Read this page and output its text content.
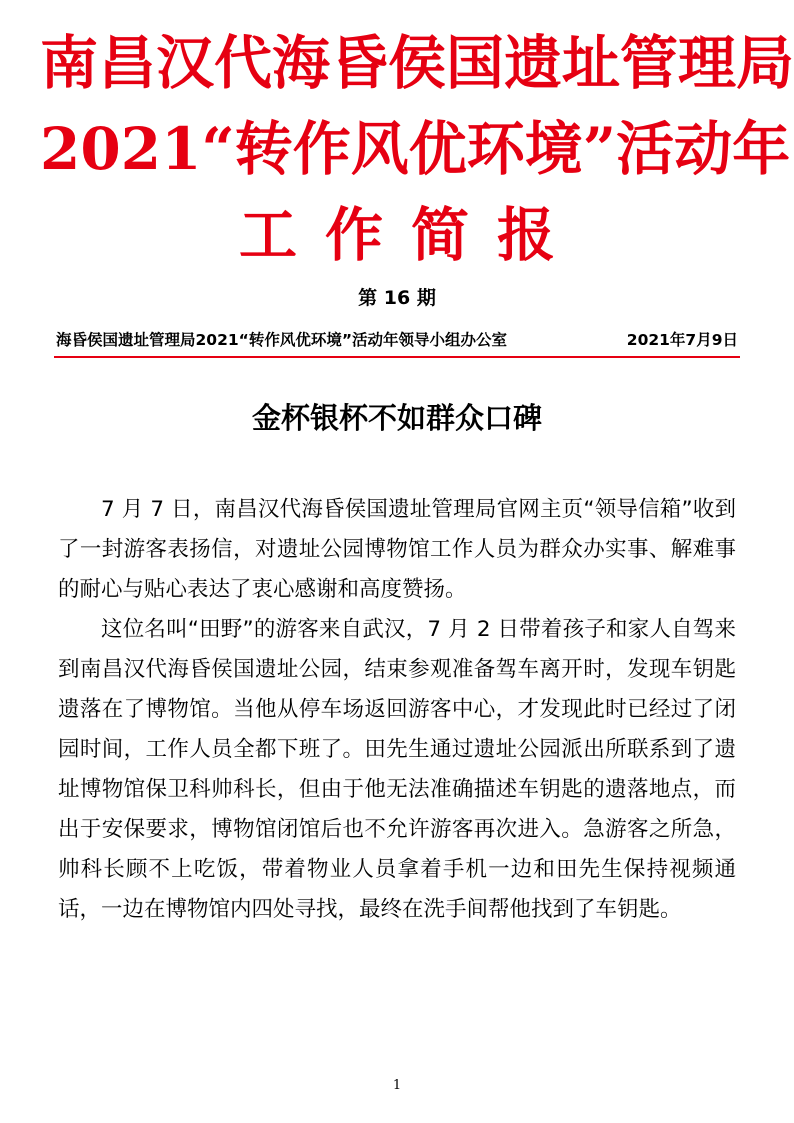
南昌汉代海昏侯国遗址管理局
2021“转作风优环境”活动年
工作简报
第 16 期
海昏侯国遗址管理局2021“转作风优环境”活动年领导小组办公室	2021年7月9日
金杯银杯不如群众口碑

7 月 7 日，南昌汉代海昏侯国遗址管理局官网主页“领导信箱”收到了一封游客表扬信，对遗址公园博物馆工作人员为群众办实事、解难事的耐心与贴心表达了衷心感谢和高度赞扬。

这位名叫“田野”的游客来自武汉，7 月 2 日带着孩子和家人自驾来到南昌汉代海昏侯国遗址公园，结束参观准备驾车离开时，发现车钥匙遗落在了博物馆。当他从停车场返回游客中心，才发现此时已经过了闭园时间，工作人员全都下班了。田先生通过遗址公园派出所联系到了遗址博物馆保卫科帅科长，但由于他无法准确描述车钥匙的遗落地点，而出于安保要求，博物馆闭馆后也不允许游客再次进入。急游客之所急，帅科长顾不上吃饭，带着物业人员拿着手机一边和田先生保持视频通话，一边在博物馆内四处寻找，最终在洗手间帮他找到了车钥匙。

1
